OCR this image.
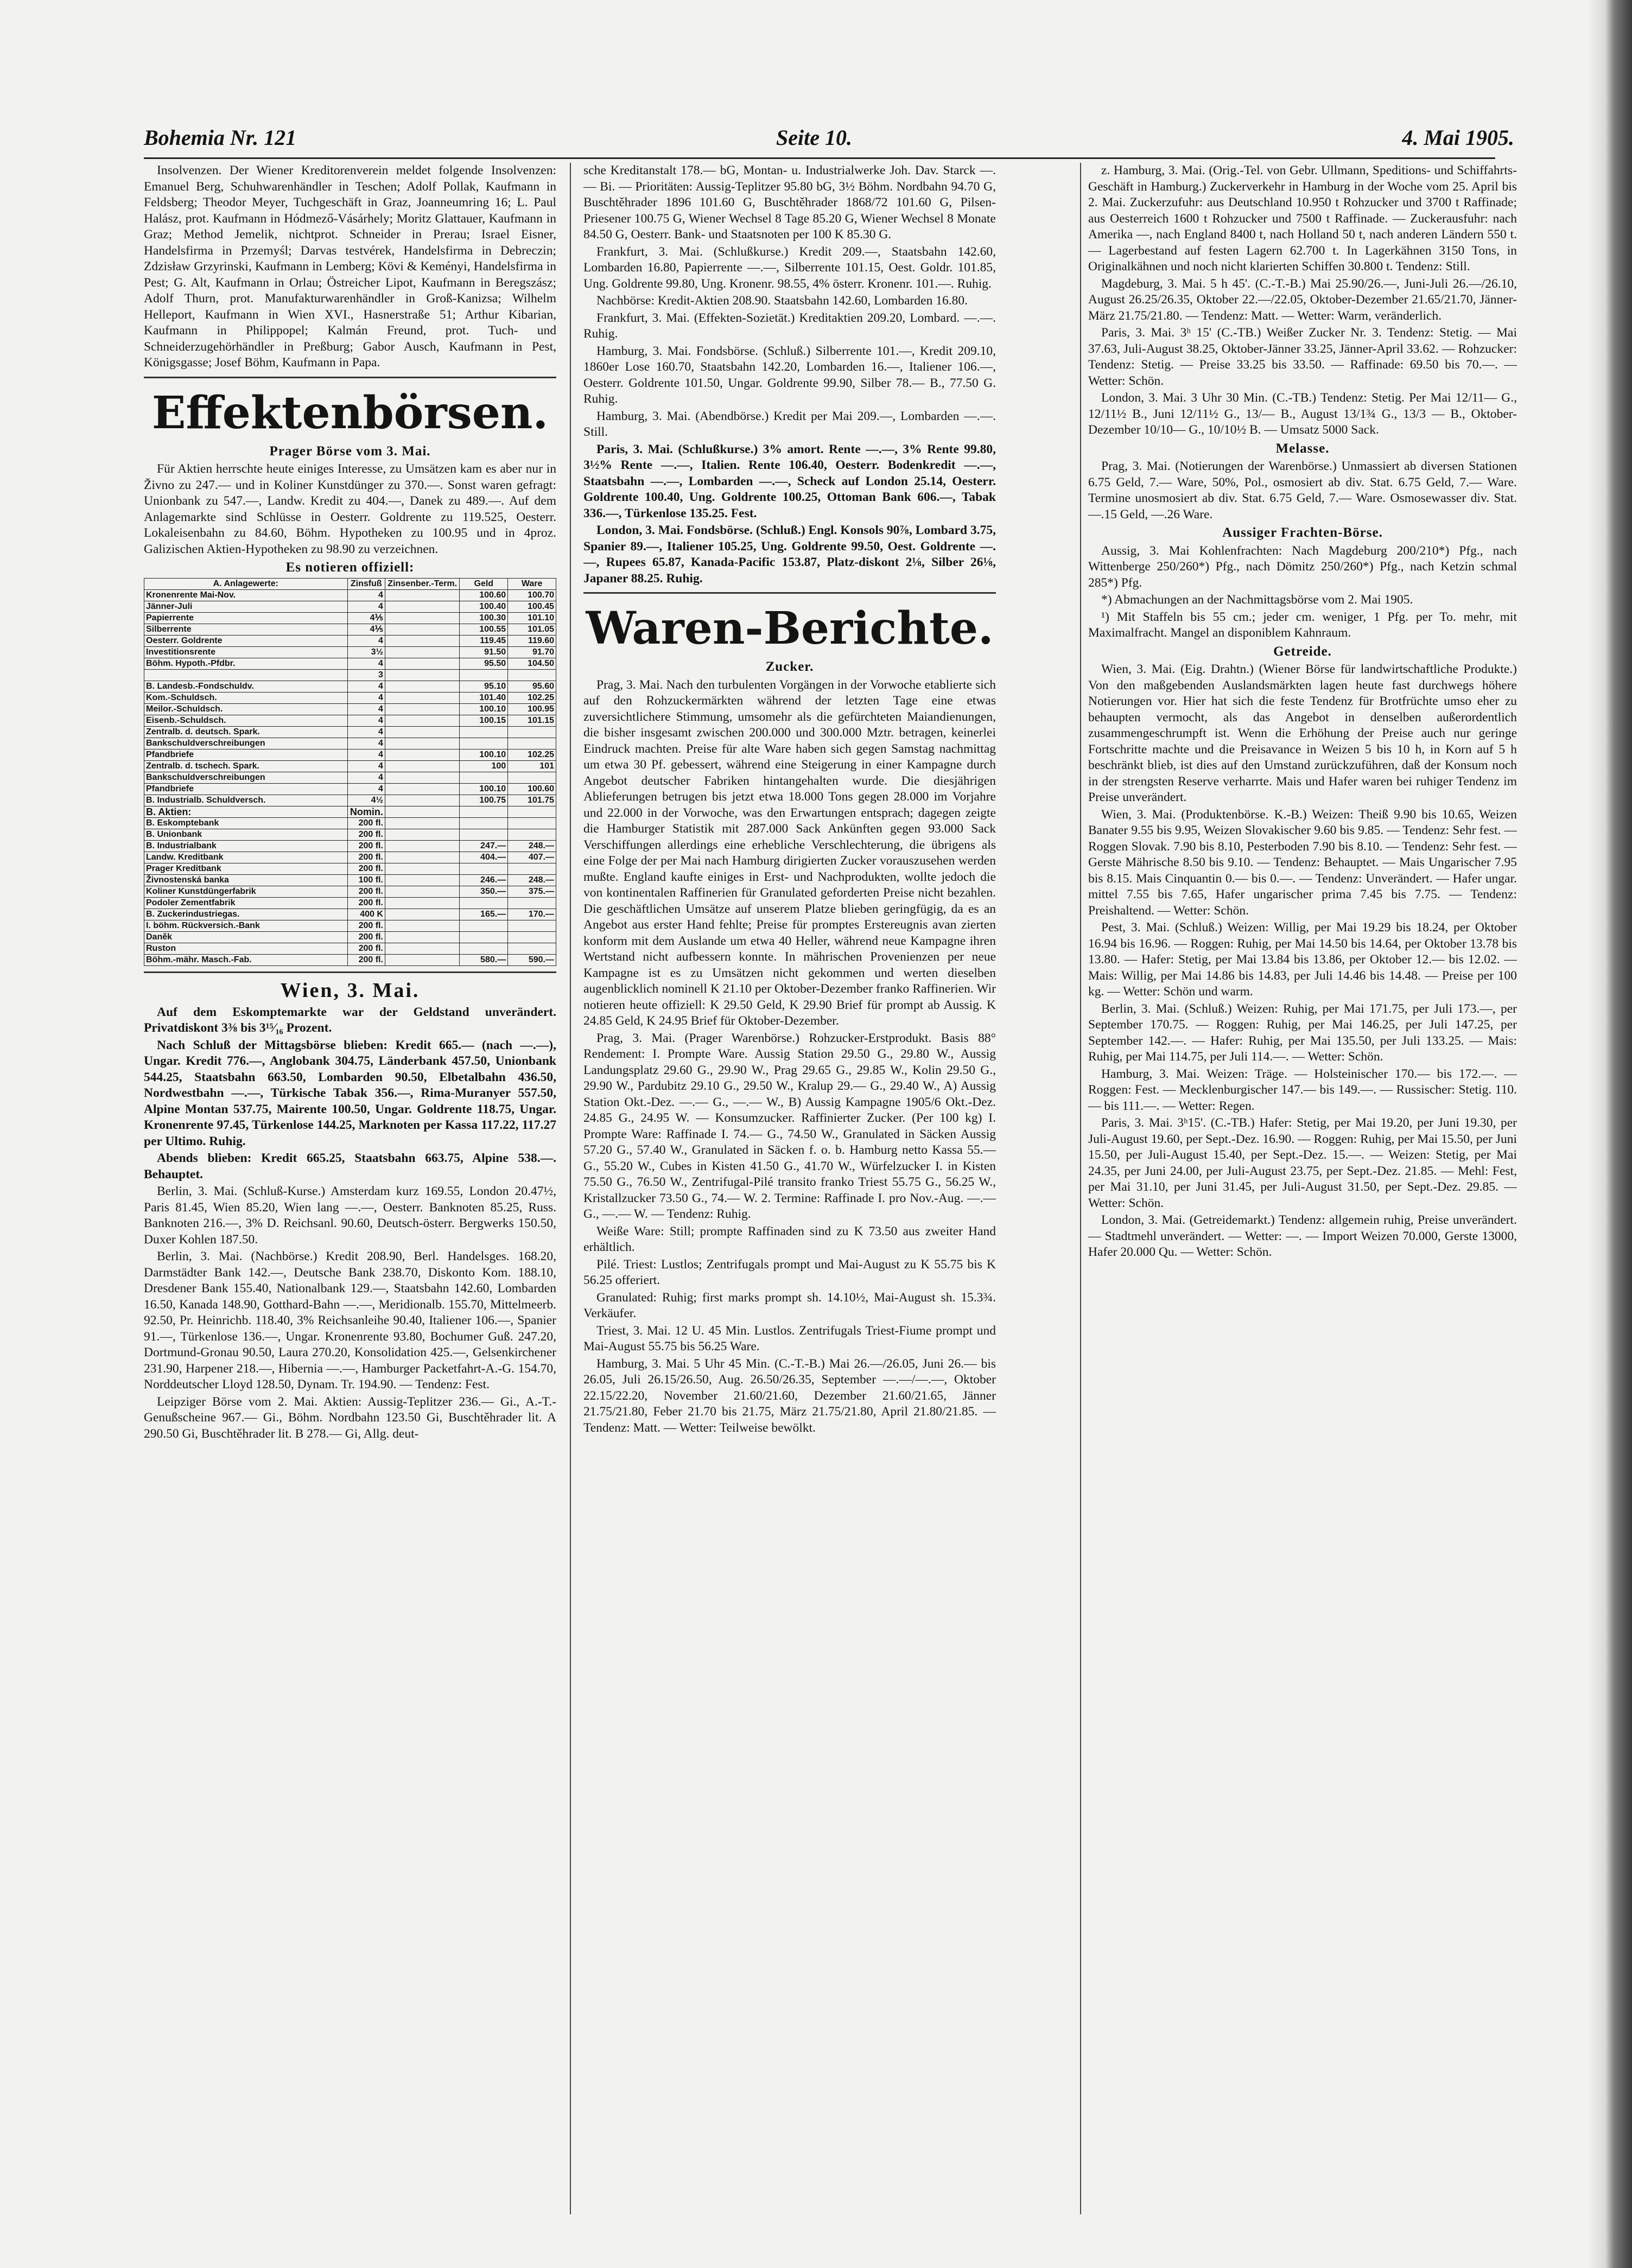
Bohemia Nr. 121	Seite 10.	4. Mai 1905.

Insolvenzen. Der Wiener Kreditorenverein meldet folgende Insolvenzen: Emanuel Berg, Schuhwarenhändler in Teschen; Adolf Pollak, Kaufmann in Feldsberg; Theodor Meyer, Tuchgeschäft in Graz, Joanneumring 16; L. Paul Halász, prot. Kaufmann in Hódmező-Vásárhely; Moritz Glattauer, Kaufmann in Graz; Method Jemelik, nichtprot. Schneider in Prerau; Israel Eisner, Handelsfirma in Przemyśl; Darvas testvérek, Handelsfirma in Debreczin; Zdzisław Grzyrinski, Kaufmann in Lemberg; Kövi & Keményi, Handelsfirma in Pest; G. Alt, Kaufmann in Orlau; Östreicher Lipot, Kaufmann in Beregszász; Adolf Thurn, prot. Manufakturwarenhändler in Groß-Kanizsa; Wilhelm Helleport, Kaufmann in Wien XVI., Hasnerstraße 51; Arthur Kibarian, Kaufmann in Philippopel; Kalmán Freund, prot. Tuch- und Schneiderzugehörhändler in Preßburg; Gabor Ausch, Kaufmann in Pest, Königsgasse; Josef Böhm, Kaufmann in Papa.

Effektenbörsen.
Prager Börse vom 3. Mai.

Für Aktien herrschte heute einiges Interesse, zu Umsätzen kam es aber nur in Živno zu 247.— und in Koliner Kunstdünger zu 370.—. Sonst waren gefragt: Unionbank zu 547.—, Landw. Kredit zu 404.—, Danek zu 489.—. Auf dem Anlagemarkte sind Schlüsse in Oesterr. Goldrente zu 119.525, Oesterr. Lokaleisenbahn zu 84.60, Böhm. Hypotheken zu 100.95 und in 4proz. Galizischen Aktien-Hypotheken zu 98.90 zu verzeichnen.

Es notieren offiziell:
A. Anlagewerte:	Zinsfuß	Zinsenber.-Term.	Geld	Ware
Kronenrente Mai-Nov.	4		100.60	100.70
Jänner-Juli	4		100.40	100.45
Papierrente	4⅕		100.30	101.10
Silberrente	4⅕		100.55	101.05
Oesterr. Goldrente	4		119.45	119.60
Investitionsrente	3½		91.50	91.70
Böhm. Hypoth.-Pfdbr.	4		95.50	104.50
	3			
B. Landesb.-Fondschuldv.	4		95.10	95.60
Kom.-Schuldsch.	4		101.40	102.25
Meilor.-Schuldsch.	4		100.10	100.95
Eisenb.-Schuldsch.	4		100.15	101.15
Zentralb. d. deutsch. Spark.	4			
Bankschuldverschreibungen	4			
Pfandbriefe	4		100.10	102.25
Zentralb. d. tschech. Spark.	4		100	101
Bankschuldverschreibungen	4			
Pfandbriefe	4		100.10	100.60
B. Industrialb. Schuldversch.	4½		100.75	101.75
B. Aktien:	Nomin.			
B. Eskomptebank	200 fl.			
B. Unionbank	200 fl.			
B. Industrialbank	200 fl.		247.—	248.—
Landw. Kreditbank	200 fl.		404.—	407.—
Prager Kreditbank	200 fl.			
Živnostenská banka	100 fl.		246.—	248.—
Koliner Kunstdüngerfabrik	200 fl.		350.—	375.—
Podoler Zementfabrik	200 fl.			
B. Zuckerindustriegas.	400 K		165.—	170.—
I. böhm. Rückversich.-Bank	200 fl.			
Daněk	200 fl.			
Ruston	200 fl.			
Böhm.-mähr. Masch.-Fab.	200 fl.		580.—	590.—
Wien, 3. Mai.

Auf dem Eskomptemarkte war der Geldstand unverändert. Privatdiskont 3⅜ bis 3¹⁵⁄₁₆ Prozent.

Nach Schluß der Mittagsbörse blieben: Kredit 665.— (nach —.—), Ungar. Kredit 776.—, Anglobank 304.75, Länderbank 457.50, Unionbank 544.25, Staatsbahn 663.50, Lombarden 90.50, Elbetalbahn 436.50, Nordwestbahn —.—, Türkische Tabak 356.—, Rima-Muranyer 557.50, Alpine Montan 537.75, Mairente 100.50, Ungar. Goldrente 118.75, Ungar. Kronenrente 97.45, Türkenlose 144.25, Marknoten per Kassa 117.22, 117.27 per Ultimo. Ruhig.

Abends blieben: Kredit 665.25, Staatsbahn 663.75, Alpine 538.—. Behauptet.

Berlin, 3. Mai. (Schluß-Kurse.) Amsterdam kurz 169.55, London 20.47½, Paris 81.45, Wien 85.20, Wien lang —.—, Oesterr. Banknoten 85.25, Russ. Banknoten 216.—, 3% D. Reichsanl. 90.60, Deutsch-österr. Bergwerks 150.50, Duxer Kohlen 187.50.

Berlin, 3. Mai. (Nachbörse.) Kredit 208.90, Berl. Handelsges. 168.20, Darmstädter Bank 142.—, Deutsche Bank 238.70, Diskonto Kom. 188.10, Dresdener Bank 155.40, Nationalbank 129.—, Staatsbahn 142.60, Lombarden 16.50, Kanada 148.90, Gotthard-Bahn —.—, Meridionalb. 155.70, Mittelmeerb. 92.50, Pr. Heinrichb. 118.40, 3% Reichsanleihe 90.40, Italiener 106.—, Spanier 91.—, Türkenlose 136.—, Ungar. Kronenrente 93.80, Bochumer Guß. 247.20, Dortmund-Gronau 90.50, Laura 270.20, Konsolidation 425.—, Gelsenkirchener 231.90, Harpener 218.—, Hibernia —.—, Hamburger Packetfahrt-A.-G. 154.70, Norddeutscher Lloyd 128.50, Dynam. Tr. 194.90. — Tendenz: Fest.

Leipziger Börse vom 2. Mai. Aktien: Aussig-Teplitzer 236.— Gi., A.-T.-Genußscheine 967.— Gi., Böhm. Nordbahn 123.50 Gi, Buschtěhrader lit. A 290.50 Gi, Buschtěhrader lit. B 278.— Gi, Allg. deut-

sche Kreditanstalt 178.— bG, Montan- u. Industrialwerke Joh. Dav. Starck —.— Bi. — Prioritäten: Aussig-Teplitzer 95.80 bG, 3½ Böhm. Nordbahn 94.70 G, Buschtěhrader 1896 101.60 G, Buschtěhrader 1868/72 101.60 G, Pilsen-Priesener 100.75 G, Wiener Wechsel 8 Tage 85.20 G, Wiener Wechsel 8 Monate 84.50 G, Oesterr. Bank- und Staatsnoten per 100 K 85.30 G.

Frankfurt, 3. Mai. (Schlußkurse.) Kredit 209.—, Staatsbahn 142.60, Lombarden 16.80, Papierrente —.—, Silberrente 101.15, Oest. Goldr. 101.85, Ung. Goldrente 99.80, Ung. Kronenr. 98.55, 4% österr. Kronenr. 101.—. Ruhig.

Nachbörse: Kredit-Aktien 208.90. Staatsbahn 142.60, Lombarden 16.80.

Frankfurt, 3. Mai. (Effekten-Sozietät.) Kreditaktien 209.20, Lombard. —.—. Ruhig.

Hamburg, 3. Mai. Fondsbörse. (Schluß.) Silberrente 101.—, Kredit 209.10, 1860er Lose 160.70, Staatsbahn 142.20, Lombarden 16.—, Italiener 106.—, Oesterr. Goldrente 101.50, Ungar. Goldrente 99.90, Silber 78.— B., 77.50 G. Ruhig.

Hamburg, 3. Mai. (Abendbörse.) Kredit per Mai 209.—, Lombarden —.—. Still.

Paris, 3. Mai. (Schlußkurse.) 3% amort. Rente —.—, 3% Rente 99.80, 3½% Rente —.—, Italien. Rente 106.40, Oesterr. Bodenkredit —.—, Staatsbahn —.—, Lombarden —.—, Scheck auf London 25.14, Oesterr. Goldrente 100.40, Ung. Goldrente 100.25, Ottoman Bank 606.—, Tabak 336.—, Türkenlose 135.25. Fest.

London, 3. Mai. Fondsbörse. (Schluß.) Engl. Konsols 90⅞, Lombard 3.75, Spanier 89.—, Italiener 105.25, Ung. Goldrente 99.50, Oest. Goldrente —.—, Rupees 65.87, Kanada-Pacific 153.87, Platz-diskont 2⅛, Silber 26⅛, Japaner 88.25. Ruhig.

Waren-Berichte.
Zucker.

Prag, 3. Mai. Nach den turbulenten Vorgängen in der Vorwoche etablierte sich auf den Rohzuckermärkten während der letzten Tage eine etwas zuversichtlichere Stimmung, umsomehr als die gefürchteten Maiandienungen, die bisher insgesamt zwischen 200.000 und 300.000 Mztr. betragen, keinerlei Eindruck machten. Preise für alte Ware haben sich gegen Samstag nachmittag um etwa 30 Pf. gebessert, während eine Steigerung in einer Kampagne durch Angebot deutscher Fabriken hintangehalten wurde. Die diesjährigen Ablieferungen betrugen bis jetzt etwa 18.000 Tons gegen 28.000 im Vorjahre und 22.000 in der Vorwoche, was den Erwartungen entsprach; dagegen zeigte die Hamburger Statistik mit 287.000 Sack Ankünften gegen 93.000 Sack Verschiffungen allerdings eine erhebliche Verschlechterung, die übrigens als eine Folge der per Mai nach Hamburg dirigierten Zucker vorauszusehen werden mußte. England kaufte einiges in Erst- und Nachprodukten, wollte jedoch die von kontinentalen Raffinerien für Granulated geforderten Preise nicht bezahlen. Die geschäftlichen Umsätze auf unserem Platze blieben geringfügig, da es an Angebot aus erster Hand fehlte; Preise für promptes Erstereugnis avan zierten konform mit dem Auslande um etwa 40 Heller, während neue Kampagne ihren Wertstand nicht aufbessern konnte. In mährischen Provenienzen per neue Kampagne ist es zu Umsätzen nicht gekommen und werten dieselben augenblicklich nominell K 21.10 per Oktober-Dezember franko Raffinerien. Wir notieren heute offiziell: K 29.50 Geld, K 29.90 Brief für prompt ab Aussig. K 24.85 Geld, K 24.95 Brief für Oktober-Dezember.

Prag, 3. Mai. (Prager Warenbörse.) Rohzucker-Erstprodukt. Basis 88° Rendement: I. Prompte Ware. Aussig Station 29.50 G., 29.80 W., Aussig Landungsplatz 29.60 G., 29.90 W., Prag 29.65 G., 29.85 W., Kolin 29.50 G., 29.90 W., Pardubitz 29.10 G., 29.50 W., Kralup 29.— G., 29.40 W., A) Aussig Station Okt.-Dez. —.— G., —.— W., B) Aussig Kampagne 1905/6 Okt.-Dez. 24.85 G., 24.95 W. — Konsumzucker. Raffinierter Zucker. (Per 100 kg) I. Prompte Ware: Raffinade I. 74.— G., 74.50 W., Granulated in Säcken Aussig 57.20 G., 57.40 W., Granulated in Säcken f. o. b. Hamburg netto Kassa 55.— G., 55.20 W., Cubes in Kisten 41.50 G., 41.70 W., Würfelzucker I. in Kisten 75.50 G., 76.50 W., Zentrifugal-Pilé transito franko Triest 55.75 G., 56.25 W., Kristallzucker 73.50 G., 74.— W. 2. Termine: Raffinade I. pro Nov.-Aug. —.— G., —.— W. — Tendenz: Ruhig.

Weiße Ware: Still; prompte Raffinaden sind zu K 73.50 aus zweiter Hand erhältlich.

Pilé. Triest: Lustlos; Zentrifugals prompt und Mai-August zu K 55.75 bis K 56.25 offeriert.

Granulated: Ruhig; first marks prompt sh. 14.10½, Mai-August sh. 15.3¾. Verkäufer.

Triest, 3. Mai. 12 U. 45 Min. Lustlos. Zentrifugals Triest-Fiume prompt und Mai-August 55.75 bis 56.25 Ware.

Hamburg, 3. Mai. 5 Uhr 45 Min. (C.-T.-B.) Mai 26.—/26.05, Juni 26.— bis 26.05, Juli 26.15/26.50, Aug. 26.50/26.35, September —.—/—.—, Oktober 22.15/22.20, November 21.60/21.60, Dezember 21.60/21.65, Jänner 21.75/21.80, Feber 21.70 bis 21.75, März 21.75/21.80, April 21.80/21.85. — Tendenz: Matt. — Wetter: Teilweise bewölkt.

z. Hamburg, 3. Mai. (Orig.-Tel. von Gebr. Ullmann, Speditions- und Schiffahrts-Geschäft in Hamburg.) Zuckerverkehr in Hamburg in der Woche vom 25. April bis 2. Mai. Zuckerzufuhr: aus Deutschland 10.950 t Rohzucker und 3700 t Raffinade; aus Oesterreich 1600 t Rohzucker und 7500 t Raffinade. — Zuckerausfuhr: nach Amerika —, nach England 8400 t, nach Holland 50 t, nach anderen Ländern 550 t. — Lagerbestand auf festen Lagern 62.700 t. In Lagerkähnen 3150 Tons, in Originalkähnen und noch nicht klarierten Schiffen 30.800 t. Tendenz: Still.

Magdeburg, 3. Mai. 5 h 45'. (C.-T.-B.) Mai 25.90/26.—, Juni-Juli 26.—/26.10, August 26.25/26.35, Oktober 22.—/22.05, Oktober-Dezember 21.65/21.70, Jänner-März 21.75/21.80. — Tendenz: Matt. — Wetter: Warm, veränderlich.

Paris, 3. Mai. 3ʰ 15' (C.-TB.) Weißer Zucker Nr. 3. Tendenz: Stetig. — Mai 37.63, Juli-August 38.25, Oktober-Jänner 33.25, Jänner-April 33.62. — Rohzucker: Tendenz: Stetig. — Preise 33.25 bis 33.50. — Raffinade: 69.50 bis 70.—. — Wetter: Schön.

London, 3. Mai. 3 Uhr 30 Min. (C.-TB.) Tendenz: Stetig. Per Mai 12/11— G., 12/11½ B., Juni 12/11½ G., 13/— B., August 13/1¾ G., 13/3 — B., Oktober-Dezember 10/10— G., 10/10½ B. — Umsatz 5000 Sack.

Melasse.

Prag, 3. Mai. (Notierungen der Warenbörse.) Unmassiert ab diversen Stationen 6.75 Geld, 7.— Ware, 50%, Pol., osmosiert ab div. Stat. 6.75 Geld, 7.— Ware. Termine unosmosiert ab div. Stat. 6.75 Geld, 7.— Ware. Osmosewasser div. Stat. —.15 Geld, —.26 Ware.

Aussiger Frachten-Börse.

Aussig, 3. Mai Kohlenfrachten: Nach Magdeburg 200/210*) Pfg., nach Wittenberge 250/260*) Pfg., nach Dömitz 250/260*) Pfg., nach Ketzin schmal 285*) Pfg.

*) Abmachungen an der Nachmittagsbörse vom 2. Mai 1905.

¹) Mit Staffeln bis 55 cm.; jeder cm. weniger, 1 Pfg. per To. mehr, mit Maximalfracht. Mangel an disponiblem Kahnraum.

Getreide.

Wien, 3. Mai. (Eig. Drahtn.) (Wiener Börse für landwirtschaftliche Produkte.) Von den maßgebenden Auslandsmärkten lagen heute fast durchwegs höhere Notierungen vor. Hier hat sich die feste Tendenz für Brotfrüchte umso eher zu behaupten vermocht, als das Angebot in denselben außerordentlich zusammengeschrumpft ist. Wenn die Erhöhung der Preise auch nur geringe Fortschritte machte und die Preisavance in Weizen 5 bis 10 h, in Korn auf 5 h beschränkt blieb, ist dies auf den Umstand zurückzuführen, daß der Konsum noch in der strengsten Reserve verharrte. Mais und Hafer waren bei ruhiger Tendenz im Preise unverändert.

Wien, 3. Mai. (Produktenbörse. K.-B.) Weizen: Theiß 9.90 bis 10.65, Weizen Banater 9.55 bis 9.95, Weizen Slovakischer 9.60 bis 9.85. — Tendenz: Sehr fest. — Roggen Slovak. 7.90 bis 8.10, Pesterboden 7.90 bis 8.10. — Tendenz: Sehr fest. — Gerste Mährische 8.50 bis 9.10. — Tendenz: Behauptet. — Mais Ungarischer 7.95 bis 8.15. Mais Cinquantin 0.— bis 0.—. — Tendenz: Unverändert. — Hafer ungar. mittel 7.55 bis 7.65, Hafer ungarischer prima 7.45 bis 7.75. — Tendenz: Preishaltend. — Wetter: Schön.

Pest, 3. Mai. (Schluß.) Weizen: Willig, per Mai 19.29 bis 18.24, per Oktober 16.94 bis 16.96. — Roggen: Ruhig, per Mai 14.50 bis 14.64, per Oktober 13.78 bis 13.80. — Hafer: Stetig, per Mai 13.84 bis 13.86, per Oktober 12.— bis 12.02. — Mais: Willig, per Mai 14.86 bis 14.83, per Juli 14.46 bis 14.48. — Preise per 100 kg. — Wetter: Schön und warm.

Berlin, 3. Mai. (Schluß.) Weizen: Ruhig, per Mai 171.75, per Juli 173.—, per September 170.75. — Roggen: Ruhig, per Mai 146.25, per Juli 147.25, per September 142.—. — Hafer: Ruhig, per Mai 135.50, per Juli 133.25. — Mais: Ruhig, per Mai 114.75, per Juli 114.—. — Wetter: Schön.

Hamburg, 3. Mai. Weizen: Träge. — Holsteinischer 170.— bis 172.—. — Roggen: Fest. — Mecklenburgischer 147.— bis 149.—. — Russischer: Stetig. 110.— bis 111.—. — Wetter: Regen.

Paris, 3. Mai. 3ʰ15'. (C.-TB.) Hafer: Stetig, per Mai 19.20, per Juni 19.30, per Juli-August 19.60, per Sept.-Dez. 16.90. — Roggen: Ruhig, per Mai 15.50, per Juni 15.50, per Juli-August 15.40, per Sept.-Dez. 15.—. — Weizen: Stetig, per Mai 24.35, per Juni 24.00, per Juli-August 23.75, per Sept.-Dez. 21.85. — Mehl: Fest, per Mai 31.10, per Juni 31.45, per Juli-August 31.50, per Sept.-Dez. 29.85. — Wetter: Schön.

London, 3. Mai. (Getreidemarkt.) Tendenz: allgemein ruhig, Preise unverändert. — Stadtmehl unverändert. — Wetter: —. — Import Weizen 70.000, Gerste 13000, Hafer 20.000 Qu. — Wetter: Schön.
